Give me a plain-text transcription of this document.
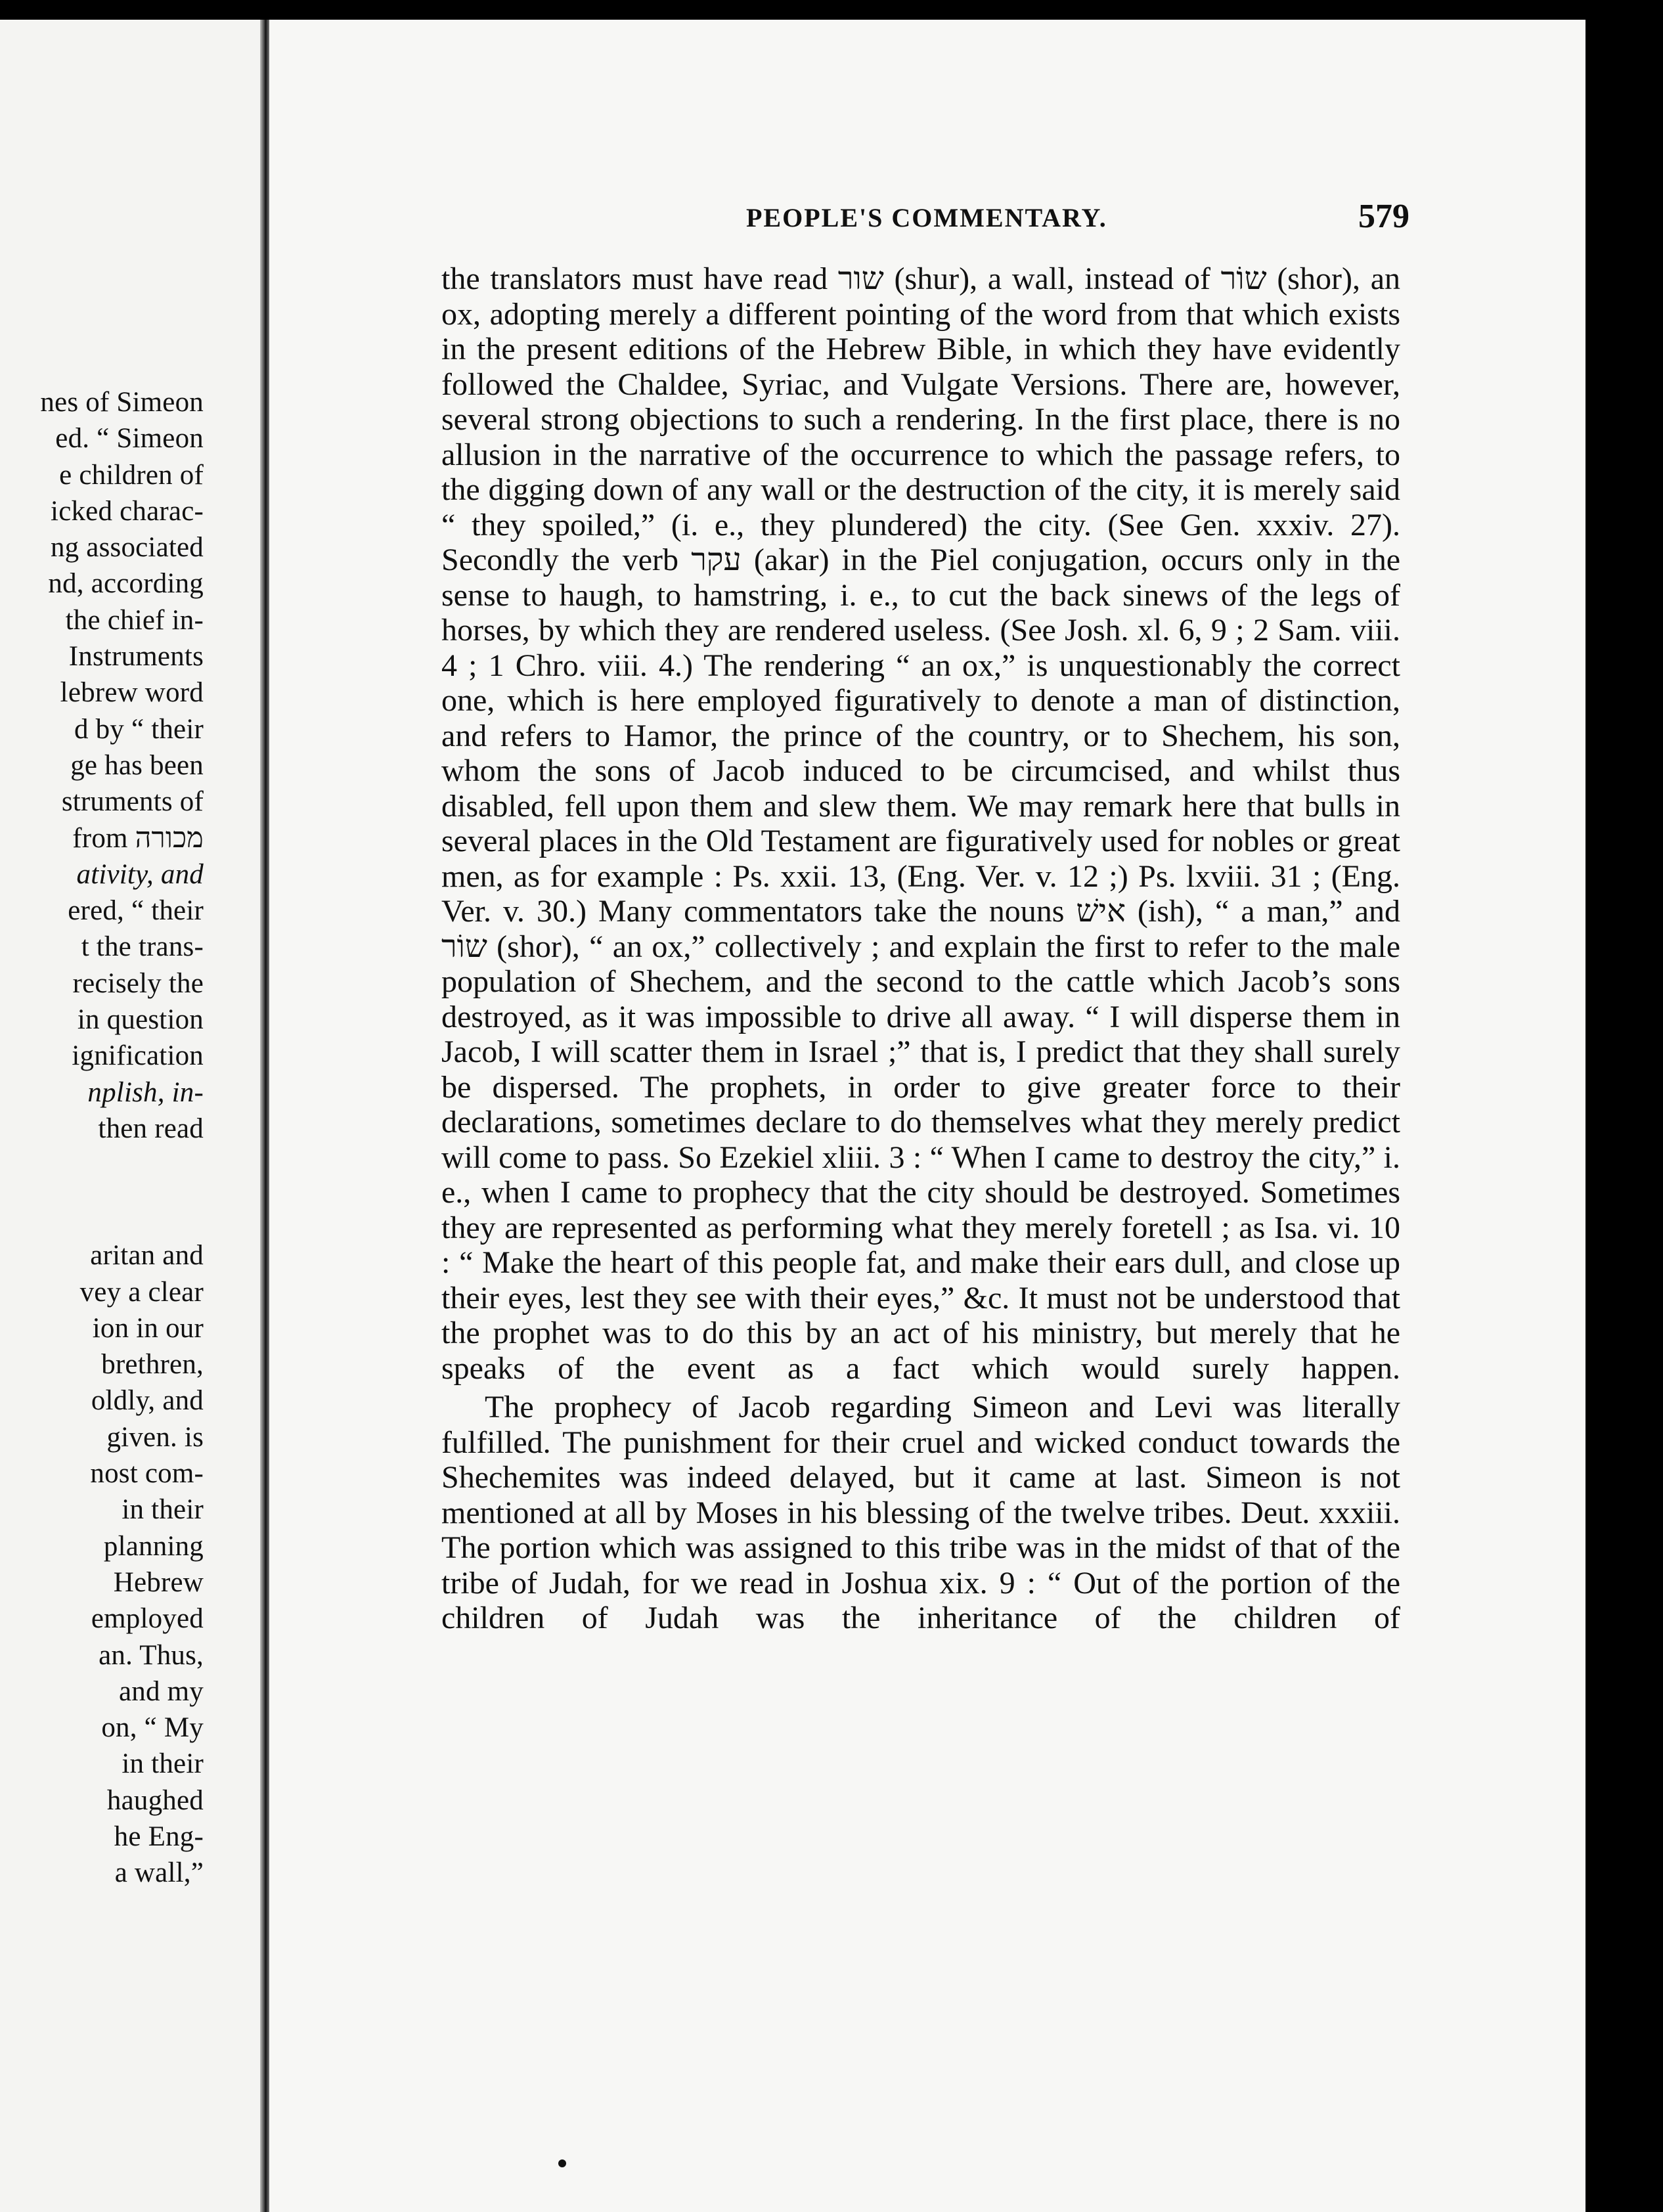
nes of Simeon
ed. “ Simeon
e children of
icked charac-
ng associated
nd, according
the chief in-
Instruments
lebrew word
d by “ their
ge has been
struments of
from מכורה
ativity, and
ered, “ their
t the trans-
recisely the
in question
ignification
nplish, in-
then read
aritan and
vey a clear
ion in our
brethren,
oldly, and
given. is
nost com-
in their
planning
Hebrew
employed
an. Thus,
and my
on, “ My
in their
haughed
he Eng-
a wall,”
PEOPLE'S COMMENTARY.	579

the translators must have read שור (shur), a wall, instead of שוֹר (shor), an ox, adopting merely a different pointing of the word from that which exists in the present editions of the Hebrew Bible, in which they have evidently followed the Chaldee, Syriac, and Vulgate Versions. There are, however, several strong objections to such a rendering. In the first place, there is no allusion in the narrative of the occurrence to which the passage refers, to the digging down of any wall or the destruction of the city, it is merely said “ they spoiled,” (i. e., they plundered) the city. (See Gen. xxxiv. 27). Secondly the verb עקר (akar) in the Piel conjugation, occurs only in the sense to haugh, to hamstring, i. e., to cut the back sinews of the legs of horses, by which they are rendered useless. (See Josh. xl. 6, 9 ; 2 Sam. viii. 4 ; 1 Chro. viii. 4.) The rendering “ an ox,” is unquestionably the correct one, which is here employed figuratively to denote a man of distinction, and refers to Hamor, the prince of the country, or to Shechem, his son, whom the sons of Jacob induced to be circumcised, and whilst thus disabled, fell upon them and slew them. We may remark here that bulls in several places in the Old Testament are figuratively used for nobles or great men, as for example : Ps. xxii. 13, (Eng. Ver. v. 12 ;) Ps. lxviii. 31 ; (Eng. Ver. v. 30.) Many commentators take the nouns אישׁ (ish), “ a man,” and שוֹר (shor), “ an ox,” collectively ; and explain the first to refer to the male population of Shechem, and the second to the cattle which Jacob’s sons destroyed, as it was impossible to drive all away. “ I will disperse them in Jacob, I will scatter them in Israel ;” that is, I predict that they shall surely be dispersed. The prophets, in order to give greater force to their declarations, sometimes declare to do themselves what they merely predict will come to pass. So Ezekiel xliii. 3 : “ When I came to destroy the city,” i. e., when I came to prophecy that the city should be destroyed. Sometimes they are represented as performing what they merely foretell ; as Isa. vi. 10 : “ Make the heart of this people fat, and make their ears dull, and close up their eyes, lest they see with their eyes,” &c. It must not be understood that the prophet was to do this by an act of his ministry, but merely that he speaks of the event as a fact which would surely happen.

The prophecy of Jacob regarding Simeon and Levi was literally fulfilled. The punishment for their cruel and wicked conduct towards the Shechemites was indeed delayed, but it came at last. Simeon is not mentioned at all by Moses in his blessing of the twelve tribes. Deut. xxxiii. The portion which was assigned to this tribe was in the midst of that of the tribe of Judah, for we read in Joshua xix. 9 : “ Out of the portion of the children of Judah was the inheritance of the children of
